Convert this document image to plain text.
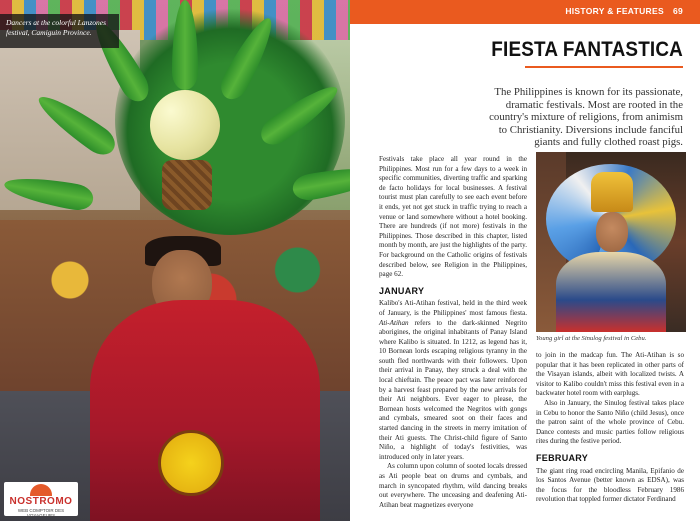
Dancers at the colorful Lanzones festival, Camiguin Province.
NOSTROMO
WEB COMPTOIR DES VOYAGEURS
HISTORY & FEATURES 69
FIESTA FANTASTICA
The Philippines is known for its passionate, dramatic festivals. Most are rooted in the country's mixture of religions, from animism to Christianity. Diversions include fanciful giants and fully clothed roast pigs.

Festivals take place all year round in the Philippines. Most run for a few days to a week in specific communities, diverting traffic and sparking de facto holidays for local businesses. A festival tourist must plan carefully to see each event before it ends, yet not get stuck in traffic trying to reach a venue or land somewhere without a hotel booking. There are hundreds (if not more) festivals in the Philippines. Those described in this chapter, listed month by month, are just the highlights of the party. For background on the Catholic origins of festivals described below, see Religion in the Philippines, page 62.

JANUARY

Kalibo's Ati-Atihan festival, held in the third week of January, is the Philippines' most famous fiesta. Ati-Atihan refers to the dark-skinned Negrito aborigines, the original inhabitants of Panay Island where Kalibo is situated. In 1212, as legend has it, 10 Bornean lords escaping religious tyranny in the south fled northwards with their followers. Upon their arrival in Panay, they struck a deal with the local chieftain. The peace pact was later reinforced by a harvest feast prepared by the new arrivals for their Ati neighbors. Ever eager to please, the Bornean hosts welcomed the Negritos with gongs and cymbals, smeared soot on their faces and started dancing in the streets in merry imitation of their Ati guests. The Christ-child figure of Santo Niño, a highlight of today's festivities, was introduced only in later years.

As column upon column of sooted locals dressed as Ati people beat on drums and cymbals, and march in syncopated rhythm, wild dancing breaks out everywhere. The unceasing and deafening Ati-Atihan beat magnetizes everyone

Young girl at the Sinulog festival in Cebu.

to join in the madcap fun. The Ati-Atihan is so popular that it has been replicated in other parts of the Visayan islands, albeit with localized twists. A visitor to Kalibo couldn't miss this festival even in a backwater hotel room with earplugs.

Also in January, the Sinulog festival takes place in Cebu to honor the Santo Niño (child Jesus), once the patron saint of the whole province of Cebu. Dance contests and music parties follow religious rites during the festive period.

FEBRUARY

The giant ring road encircling Manila, Epifanio de los Santos Avenue (better known as EDSA), was the focus for the bloodless February 1986 revolution that toppled former dictator Ferdinand
